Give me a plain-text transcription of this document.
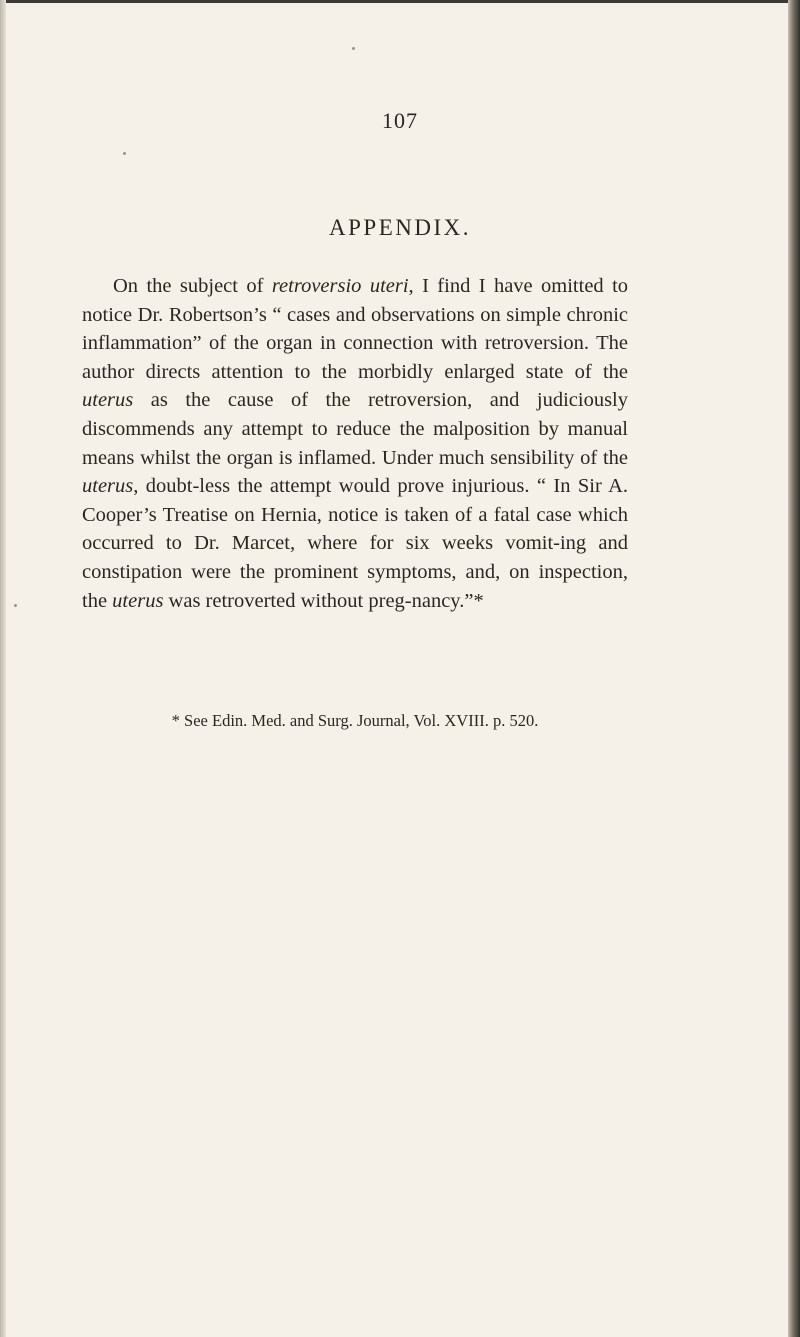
107
APPENDIX.

On the subject of retroversio uteri, I find I have omitted to notice Dr. Robertson’s “ cases and observations on simple chronic inflammation” of the organ in connection with retroversion. The author directs attention to the morbidly enlarged state of the uterus as the cause of the retroversion, and judiciously discommends any attempt to reduce the malposition by manual means whilst the organ is inflamed. Under much sensibility of the uterus, doubt-less the attempt would prove injurious. “ In Sir A. Cooper’s Treatise on Hernia, notice is taken of a fatal case which occurred to Dr. Marcet, where for six weeks vomit-ing and constipation were the prominent symptoms, and, on inspection, the uterus was retroverted without preg-nancy.”*

* See Edin. Med. and Surg. Journal, Vol. XVIII. p. 520.
